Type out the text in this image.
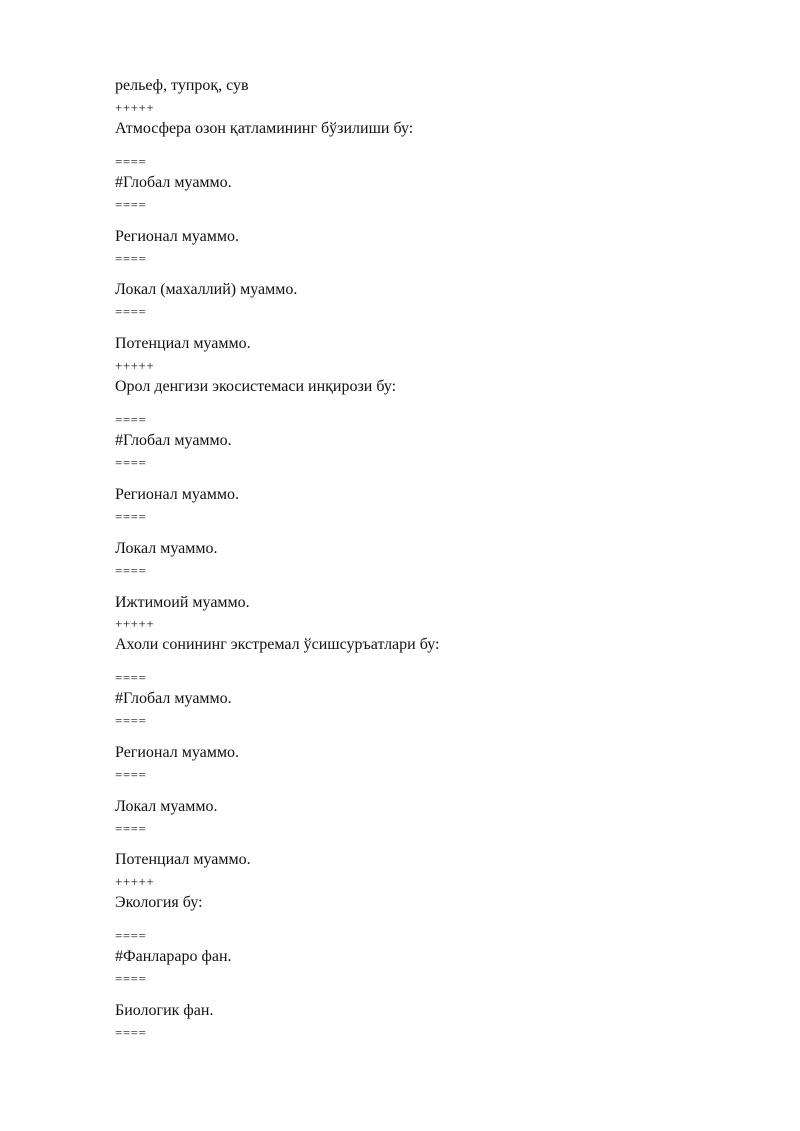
рельеф, тупроқ, сув
+++++
Атмосфера озон қатламининг бўзилиши бу:
====
#Глобал муаммо.
====
Регионал муаммо.
====
Локал (махаллий) муаммо.
====
Потенциал муаммо.
+++++
Орол денгизи экосистемаси инқирози бу:
====
#Глобал муаммо.
====
Регионал муаммо.
====
Локал муаммо.
====
Ижтимоий муаммо.
+++++
Ахоли сонининг экстремал ўсишсуръатлари бу:
====
#Глобал муаммо.
====
Регионал муаммо.
====
Локал муаммо.
====
Потенциал муаммо.
+++++
Экология бу:
====
#Фанлараро фан.
====
Биологик фан.
====
